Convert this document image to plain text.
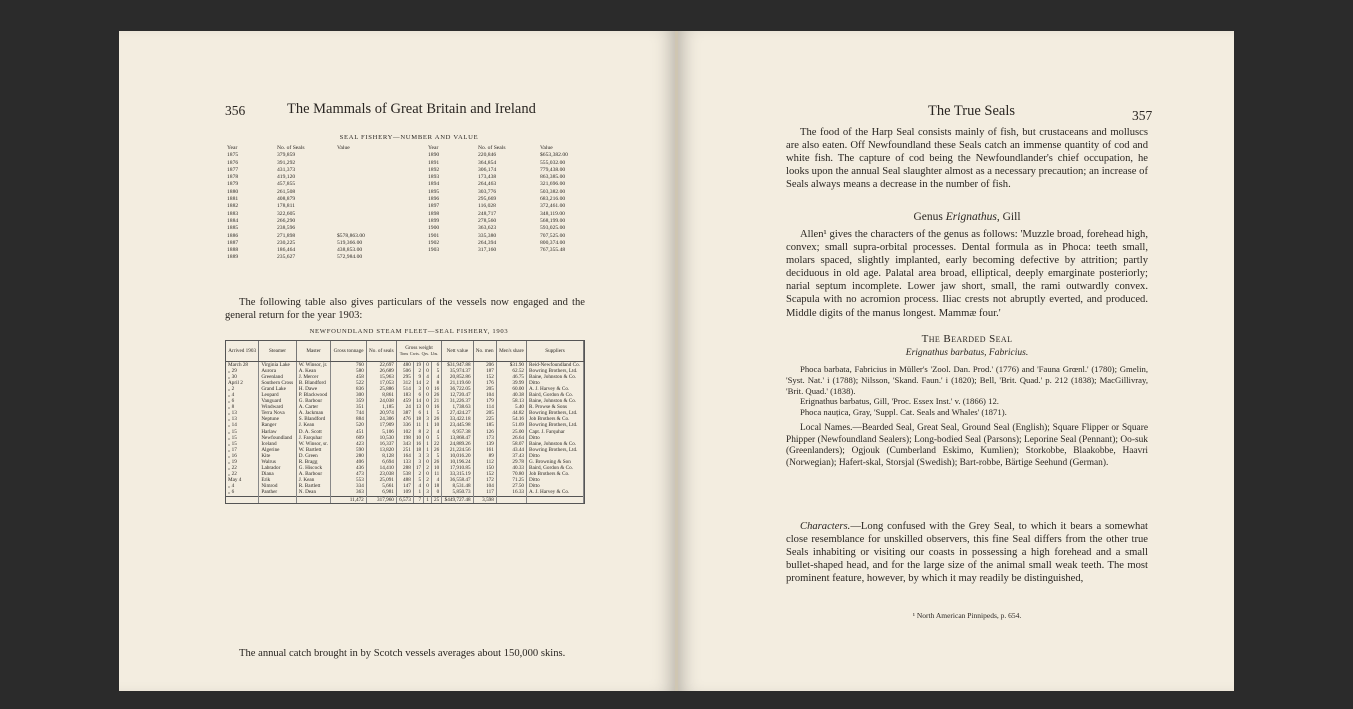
356	The Mammals of Great Britain and Ireland
SEAL FISHERY—NUMBER AND VALUE
Year	No. of Seals	Value
1875	379,859
1876	391,292
1877	431,373
1878	419,120
1879	457,855
1880	261,508
1881	408,879
1882	178,811
1883	322,605
1884	266,290
1885	238,596
1886	271,898	$578,863.00
1887	230,225	519,366.00
1888	186,464	438,853.00
1889	235,627	572,984.00
Year	No. of Seals	Value
1890	220,846	$653,382.00
1891	364,854	555,032.00
1892	306,174	779,438.00
1893	173,438	863,385.00
1894	264,463	321,696.00
1895	303,776	503,382.00
1896	295,669	683,216.00
1897	116,028	372,461.00
1898	248,717	348,119.00
1899	278,560	568,199.00
1900	363,623	593,025.00
1901	335,380	707,525.00
1902	264,394	800,374.00
1903	317,160	767,355.48

The following table also gives particulars of the vessels now engaged and the general return for the year 1903:

NEWFOUNDLAND STEAM FLEET—SEAL FISHERY, 1903
Arrived 1903	Steamer	Master	Gross tonnage	No. of seals	Gross weight
Tons Cwts. Qrs. Lbs.				Nett value	No. men	Men's share	Suppliers
March 28	Virginia Lake	W. Winsor, jr.	760	22,697	480	19	0	6	$31,947.88	206	$31.90	Reid-Newfoundland Co.
„ 29	Aurora	A. Kean	580	26,689	506	2	0	5	35,974.37	187	62.52	Bowring Brothers, Ltd.
„ 30	Greenland	J. Mercer	458	15,963	295	9	4	4	20,852.86	152	46.75	Baine, Johnston & Co.
April 2	Southern Cross	B. Blandford	522	17,053	312	14	2	8	21,119.60	176	39.99	Ditto
„ 2	Grand Lake	H. Dawe	836	25,886	514	3	0	16	36,722.05	205	60.00	A. J. Harvey & Co.
„ 4	Leopard	P. Blackwood	300	8,861	183	6	0	26	12,720.47	104	40.38	Baird, Gordon & Co.
„ 6	Vanguard	G. Barbour	359	24,038	459	14	0	21	31,226.37	179	58.13	Baine, Johnston & Co.
„ 8	Windward	A. Carter	351	1,185	24	13	0	16	1,738.63	114	5.40	R. Prowse & Sons
„ 13	Terra Nova	A. Jackman	744	20,974	387	6	1	5	27,424.27	205	44.82	Bowring Brothers, Ltd.
„ 13	Neptune	S. Blandford	884	24,306	476	18	3	26	33,422.18	225	54.16	Job Brothers & Co.
„ 14	Ranger	J. Kean	520	17,909	336	11	1	10	23,445.98	185	51.69	Bowring Brothers, Ltd.
„ 15	Harlaw	D. A. Scott	451	5,106	102	8	2	4	6,957.38	126	25.00	Capt. J. Farquhar
„ 15	Newfoundland	J. Farquhar	609	10,530	198	10	0	5	13,868.47	173	26.64	Ditto
„ 15	Iceland	W. Winsor, sr.	423	16,337	343	16	1	22	24,889.26	139	58.07	Baine, Johnston & Co.
„ 17	Algerine	W. Bartlett	590	13,820	251	18	1	26	21,224.56	161	43.44	Bowring Brothers, Ltd.
„ 16	Kite	D. Green	280	8,128	164	3	3	5	10,016.20	89	37.43	Ditto
„ 19	Walrus	R. Bragg	406	6,694	133	3	0	26	10,196.24	112	29.78	G. Browning & Son
„ 22	Labrador	G. Hiscock	436	14,410	288	17	2	10	17,910.85	150	40.33	Baird, Gordon & Co.
„ 22	Diana	A. Barbour	473	23,038	538	2	0	11	33,315.19	152	70.80	Job Brothers & Co.
May 4	Erik	J. Kean	553	25,091	488	5	2	4	36,558.47	172	71.25	Ditto
„ 4	Nimrod	R. Bartlett	334	5,661	147	4	0	18	8,531.48	104	27.50	Ditto
„ 6	Panther	N. Dean	363	6,981	109	1	3	0	5,850.73	117	16.33	A. J. Harvey & Co.
			11,472	317,960	6,573	7	1	25	$449,727.48	3,598		

The annual catch brought in by Scotch vessels averages about 150,000 skins.

The True Seals	357

The food of the Harp Seal consists mainly of fish, but crustaceans and molluscs are also eaten. Off Newfoundland these Seals catch an immense quantity of cod and white fish. The capture of cod being the Newfoundlander's chief occupation, he looks upon the annual Seal slaughter almost as a necessary precaution; an increase of Seals always means a decrease in the number of fish.

Genus Erignathus, Gill

Allen¹ gives the characters of the genus as follows: 'Muzzle broad, forehead high, convex; small supra-orbital processes. Dental formula as in Phoca: teeth small, molars spaced, slightly implanted, early becoming defective by attrition; partly deciduous in old age. Palatal area broad, elliptical, deeply emarginate posteriorly; narial septum incomplete. Lower jaw short, small, the rami outwardly convex. Scapula with no acromion process. Iliac crests not abruptly everted, and produced. Middle digits of the manus longest. Mammæ four.'

The Bearded Seal
Erignathus barbatus, Fabricius.

Phoca barbata, Fabricius in Müller's 'Zool. Dan. Prod.' (1776) and 'Fauna Grœnl.' (1780); Gmelin, 'Syst. Nat.' i (1788); Nilsson, 'Skand. Faun.' i (1820); Bell, 'Brit. Quad.' p. 212 (1838); MacGillivray, 'Brit. Quad.' (1838).

Erignathus barbatus, Gill, 'Proc. Essex Inst.' v. (1866) 12.

Phoca nauțica, Gray, 'Suppl. Cat. Seals and Whales' (1871).

Local Names.—Bearded Seal, Great Seal, Ground Seal (English); Square Flipper or Square Phipper (Newfoundland Sealers); Long-bodied Seal (Parsons); Leporine Seal (Pennant); Oo-suk (Greenlanders); Ogjouk (Cumberland Eskimo, Kumlien); Storkobbe, Blaakobbe, Haavri (Norwegian); Hafert-skal, Storsjal (Swedish); Bart-robbe, Bärtige Seehund (German).

Characters.—Long confused with the Grey Seal, to which it bears a somewhat close resemblance for unskilled observers, this fine Seal differs from the other true Seals inhabiting or visiting our coasts in possessing a high forehead and a small bullet-shaped head, and for the large size of the animal small weak teeth. The most prominent feature, however, by which it may readily be distinguished,

¹ North American Pinnipeds, p. 654.
